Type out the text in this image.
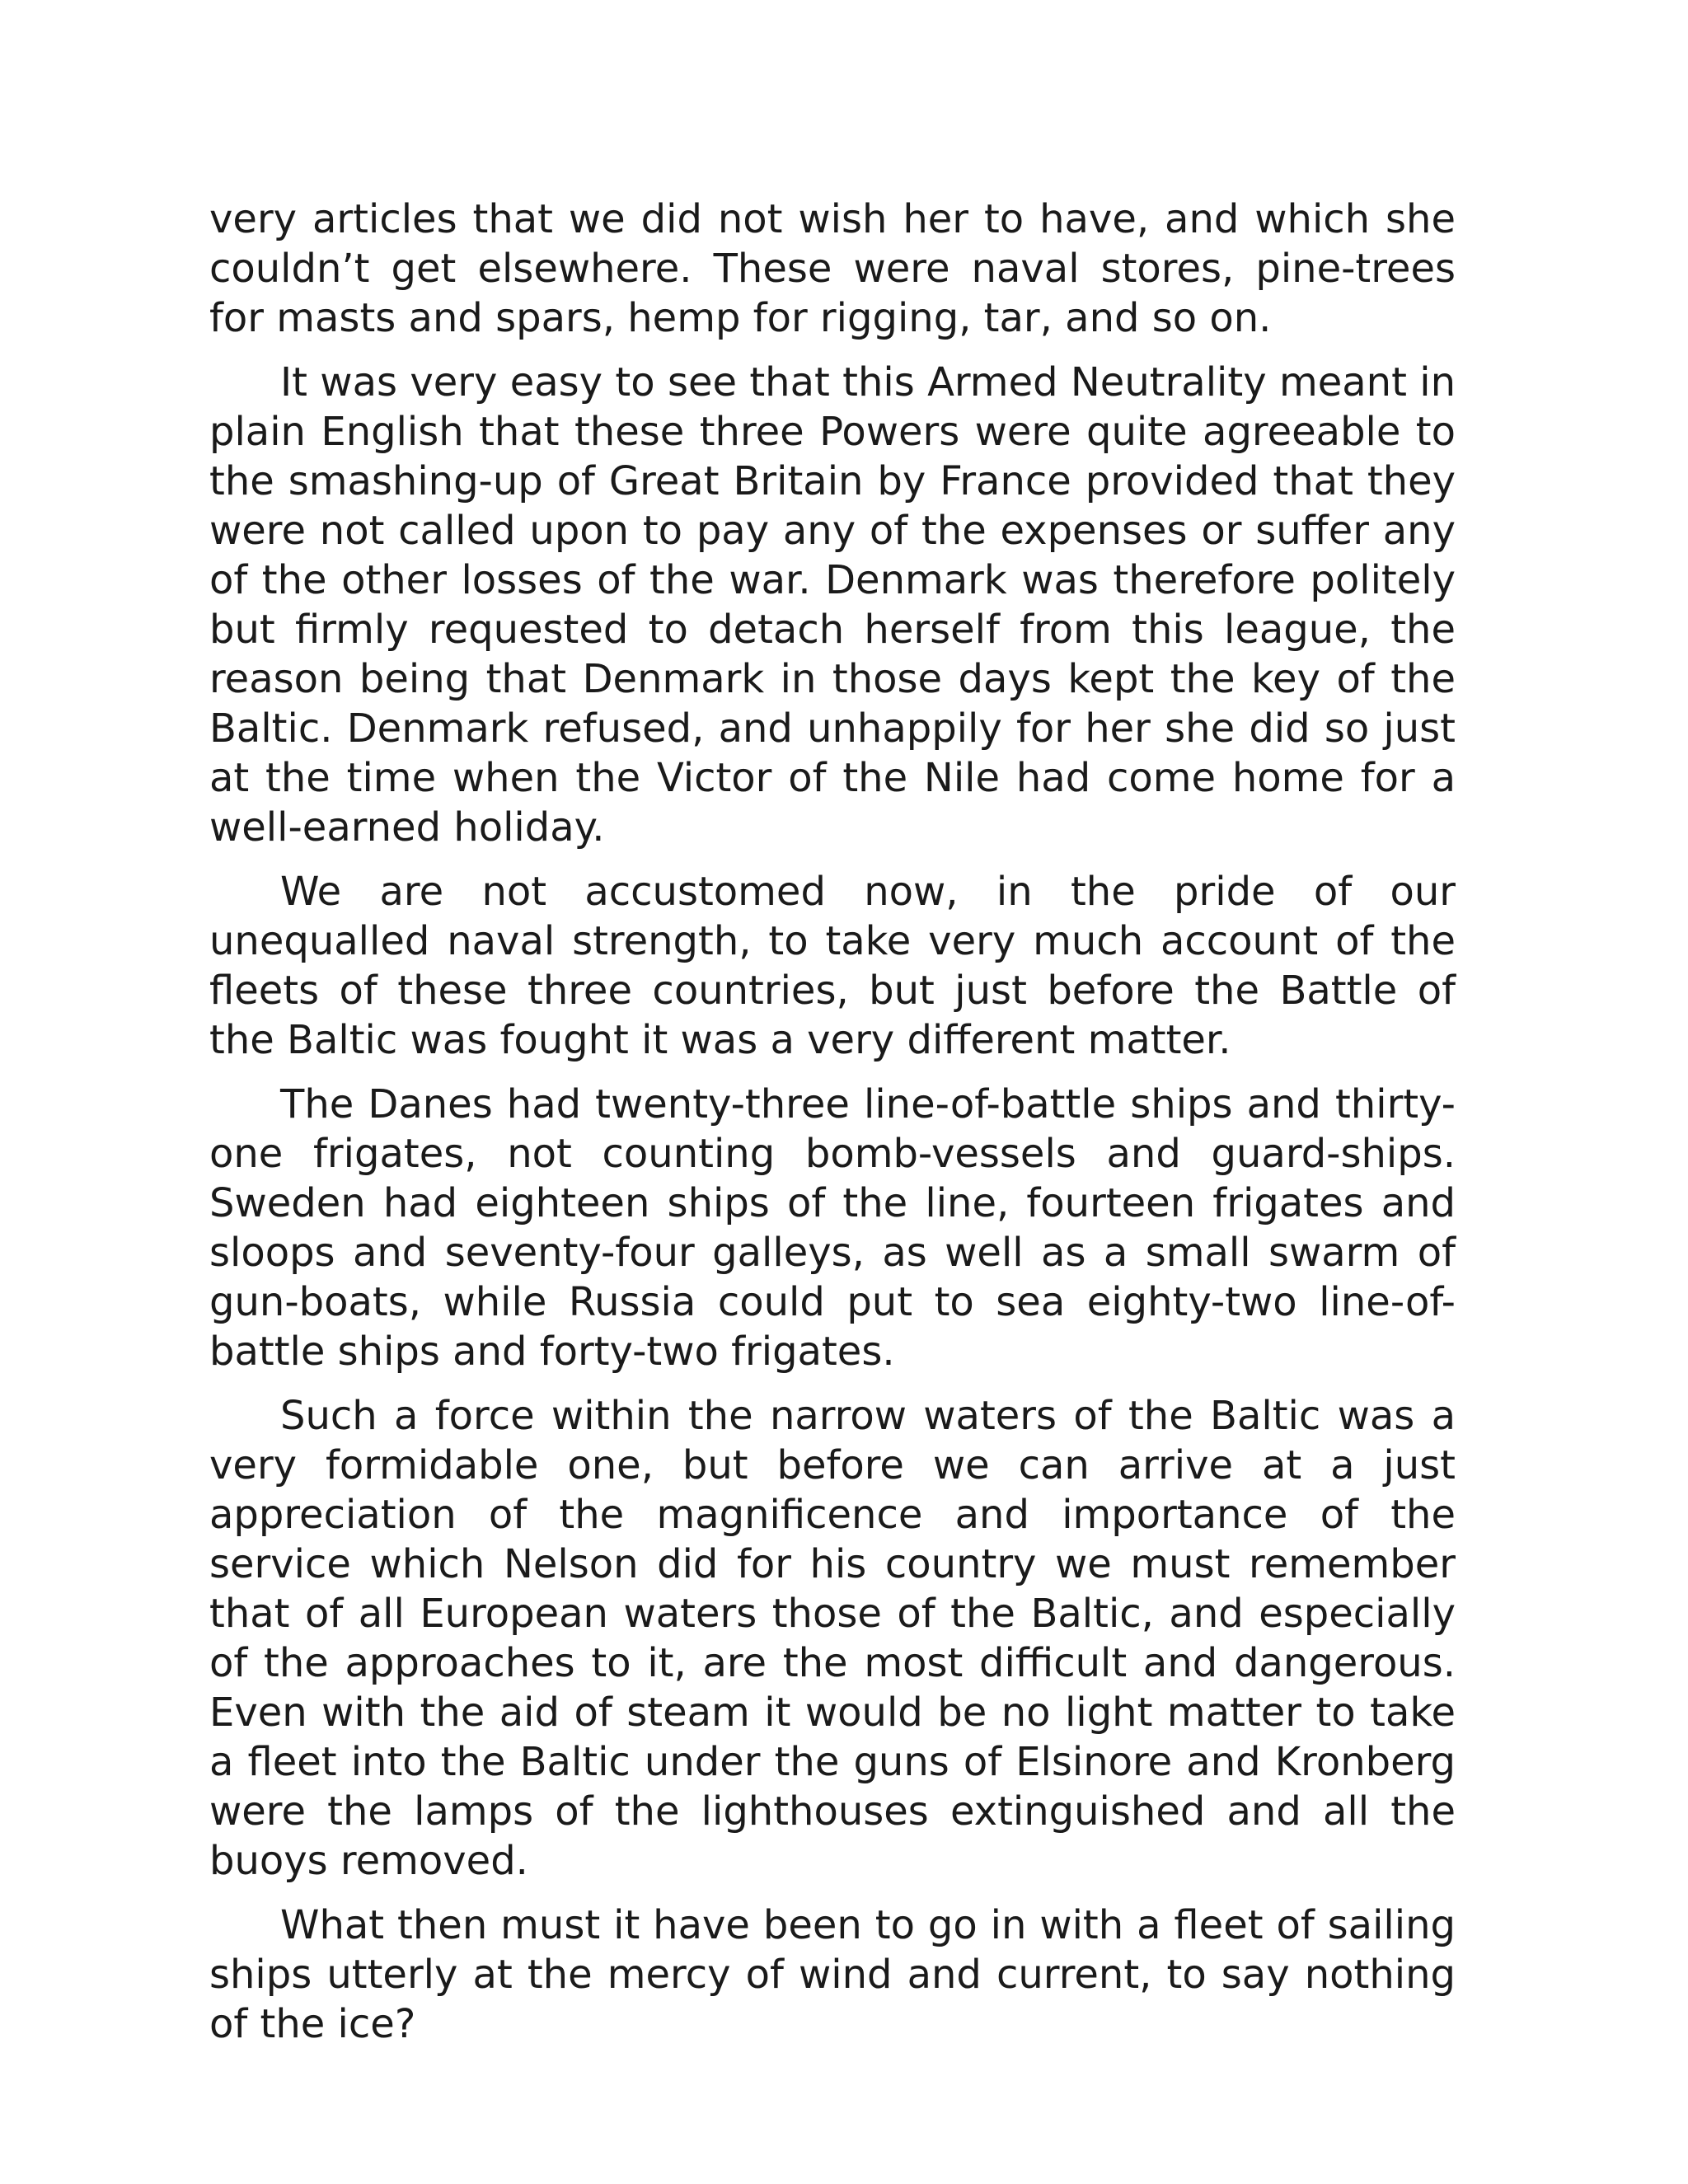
very articles that we did not wish her to have, and which she couldn’t get elsewhere. These were naval stores, pine-trees for masts and spars, hemp for rigging, tar, and so on.

It was very easy to see that this Armed Neutrality meant in plain English that these three Powers were quite agreeable to the smashing-up of Great Britain by France provided that they were not called upon to pay any of the expenses or suffer any of the other losses of the war. Denmark was therefore politely but firmly requested to detach herself from this league, the reason being that Denmark in those days kept the key of the Baltic. Denmark refused, and unhappily for her she did so just at the time when the Victor of the Nile had come home for a well-earned holiday.

We are not accustomed now, in the pride of our unequalled naval strength, to take very much account of the fleets of these three countries, but just before the Battle of the Baltic was fought it was a very different matter.

The Danes had twenty-three line-of-battle ships and thirty-one frigates, not counting bomb-vessels and guard-ships. Sweden had eighteen ships of the line, fourteen frigates and sloops and seventy-four galleys, as well as a small swarm of gun-boats, while Russia could put to sea eighty-two line-of-battle ships and forty-two frigates.

Such a force within the narrow waters of the Baltic was a very formidable one, but before we can arrive at a just appreciation of the magnificence and importance of the service which Nelson did for his country we must remember that of all European waters those of the Baltic, and especially of the approaches to it, are the most difficult and dangerous. Even with the aid of steam it would be no light matter to take a fleet into the Baltic under the guns of Elsinore and Kronberg were the lamps of the lighthouses extinguished and all the buoys removed.

What then must it have been to go in with a fleet of sailing ships utterly at the mercy of wind and current, to say nothing of the ice?
